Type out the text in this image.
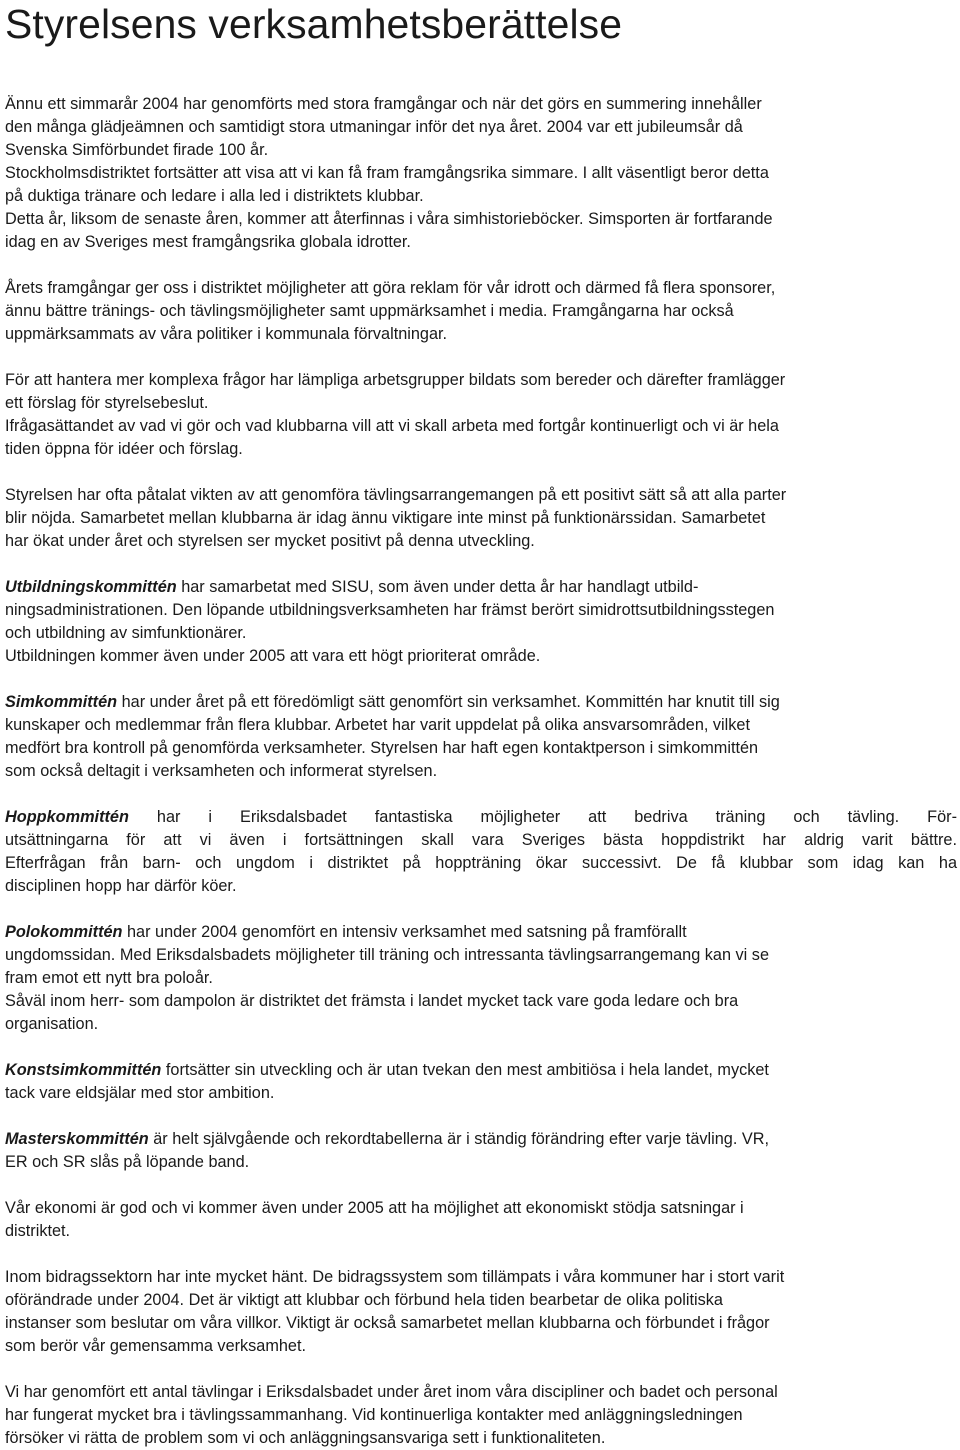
Styrelsens verksamhetsberättelse

Ännu ett simmarår 2004 har genomförts med stora framgångar och när det görs en summering innehåller
den många glädjeämnen och samtidigt stora utmaningar inför det nya året. 2004 var ett jubileumsår då
Svenska Simförbundet firade 100 år.
Stockholmsdistriktet fortsätter att visa att vi kan få fram framgångsrika simmare. I allt väsentligt beror detta
på duktiga tränare och ledare i alla led i distriktets klubbar.
Detta år, liksom de senaste åren, kommer att återfinnas i våra simhistorieböcker. Simsporten är fortfarande
idag en av Sveriges mest framgångsrika globala idrotter.

Årets framgångar ger oss i distriktet möjligheter att göra reklam för vår idrott och därmed få flera sponsorer,
ännu bättre tränings- och tävlingsmöjligheter samt uppmärksamhet i media. Framgångarna har också
uppmärksammats av våra politiker i kommunala förvaltningar.

För att hantera mer komplexa frågor har lämpliga arbetsgrupper bildats som bereder och därefter framlägger
ett förslag för styrelsebeslut.
Ifrågasättandet av vad vi gör och vad klubbarna vill att vi skall arbeta med fortgår kontinuerligt och vi är hela
tiden öppna för idéer och förslag.

Styrelsen har ofta påtalat vikten av att genomföra tävlingsarrangemangen på ett positivt sätt så att alla parter
blir nöjda. Samarbetet mellan klubbarna är idag ännu viktigare inte minst på funktionärssidan. Samarbetet
har ökat under året och styrelsen ser mycket positivt på denna utveckling.

Utbildningskommittén har samarbetat med SISU, som även under detta år har handlagt utbild-
ningsadministrationen. Den löpande utbildningsverksamheten har främst berört simidrottsutbildningsstegen
och utbildning av simfunktionärer.
Utbildningen kommer även under 2005 att vara ett högt prioriterat område.

Simkommittén har under året på ett föredömligt sätt genomfört sin verksamhet. Kommittén har knutit till sig
kunskaper och medlemmar från flera klubbar. Arbetet har varit uppdelat på olika ansvarsområden, vilket
medfört bra kontroll på genomförda verksamheter. Styrelsen har haft egen kontaktperson i simkommittén
som också deltagit i verksamheten och informerat styrelsen.

Hoppkommittén har i Eriksdalsbadet fantastiska möjligheter att bedriva träning och tävling. För-
utsättningarna för att vi även i fortsättningen skall vara Sveriges bästa hoppdistrikt har aldrig varit bättre.
Efterfrågan från barn- och ungdom i distriktet på hoppträning ökar successivt. De få klubbar som idag kan ha
disciplinen hopp har därför köer.

Polokommittén har under 2004 genomfört en intensiv verksamhet med satsning på framförallt
ungdomssidan. Med Eriksdalsbadets möjligheter till träning och intressanta tävlingsarrangemang kan vi se
fram emot ett nytt bra poloår.
Såväl inom herr- som dampolon är distriktet det främsta i landet mycket tack vare goda ledare och bra
organisation.

Konstsimkommittén fortsätter sin utveckling och är utan tvekan den mest ambitiösa i hela landet, mycket
tack vare eldsjälar med stor ambition.

Masterskommittén är helt självgående och rekordtabellerna är i ständig förändring efter varje tävling. VR,
ER och SR slås på löpande band.

Vår ekonomi är god och vi kommer även under 2005 att ha möjlighet att ekonomiskt stödja satsningar i
distriktet.

Inom bidragssektorn har inte mycket hänt. De bidragssystem som tillämpats i våra kommuner har i stort varit
oförändrade under 2004. Det är viktigt att klubbar och förbund hela tiden bearbetar de olika politiska
instanser som beslutar om våra villkor. Viktigt är också samarbetet mellan klubbarna och förbundet i frågor
som berör vår gemensamma verksamhet.

Vi har genomfört ett antal tävlingar i Eriksdalsbadet under året inom våra discipliner och badet och personal
har fungerat mycket bra i tävlingssammanhang. Vid kontinuerliga kontakter med anläggningsledningen
försöker vi rätta de problem som vi och anläggningsansvariga sett i funktionaliteten.
